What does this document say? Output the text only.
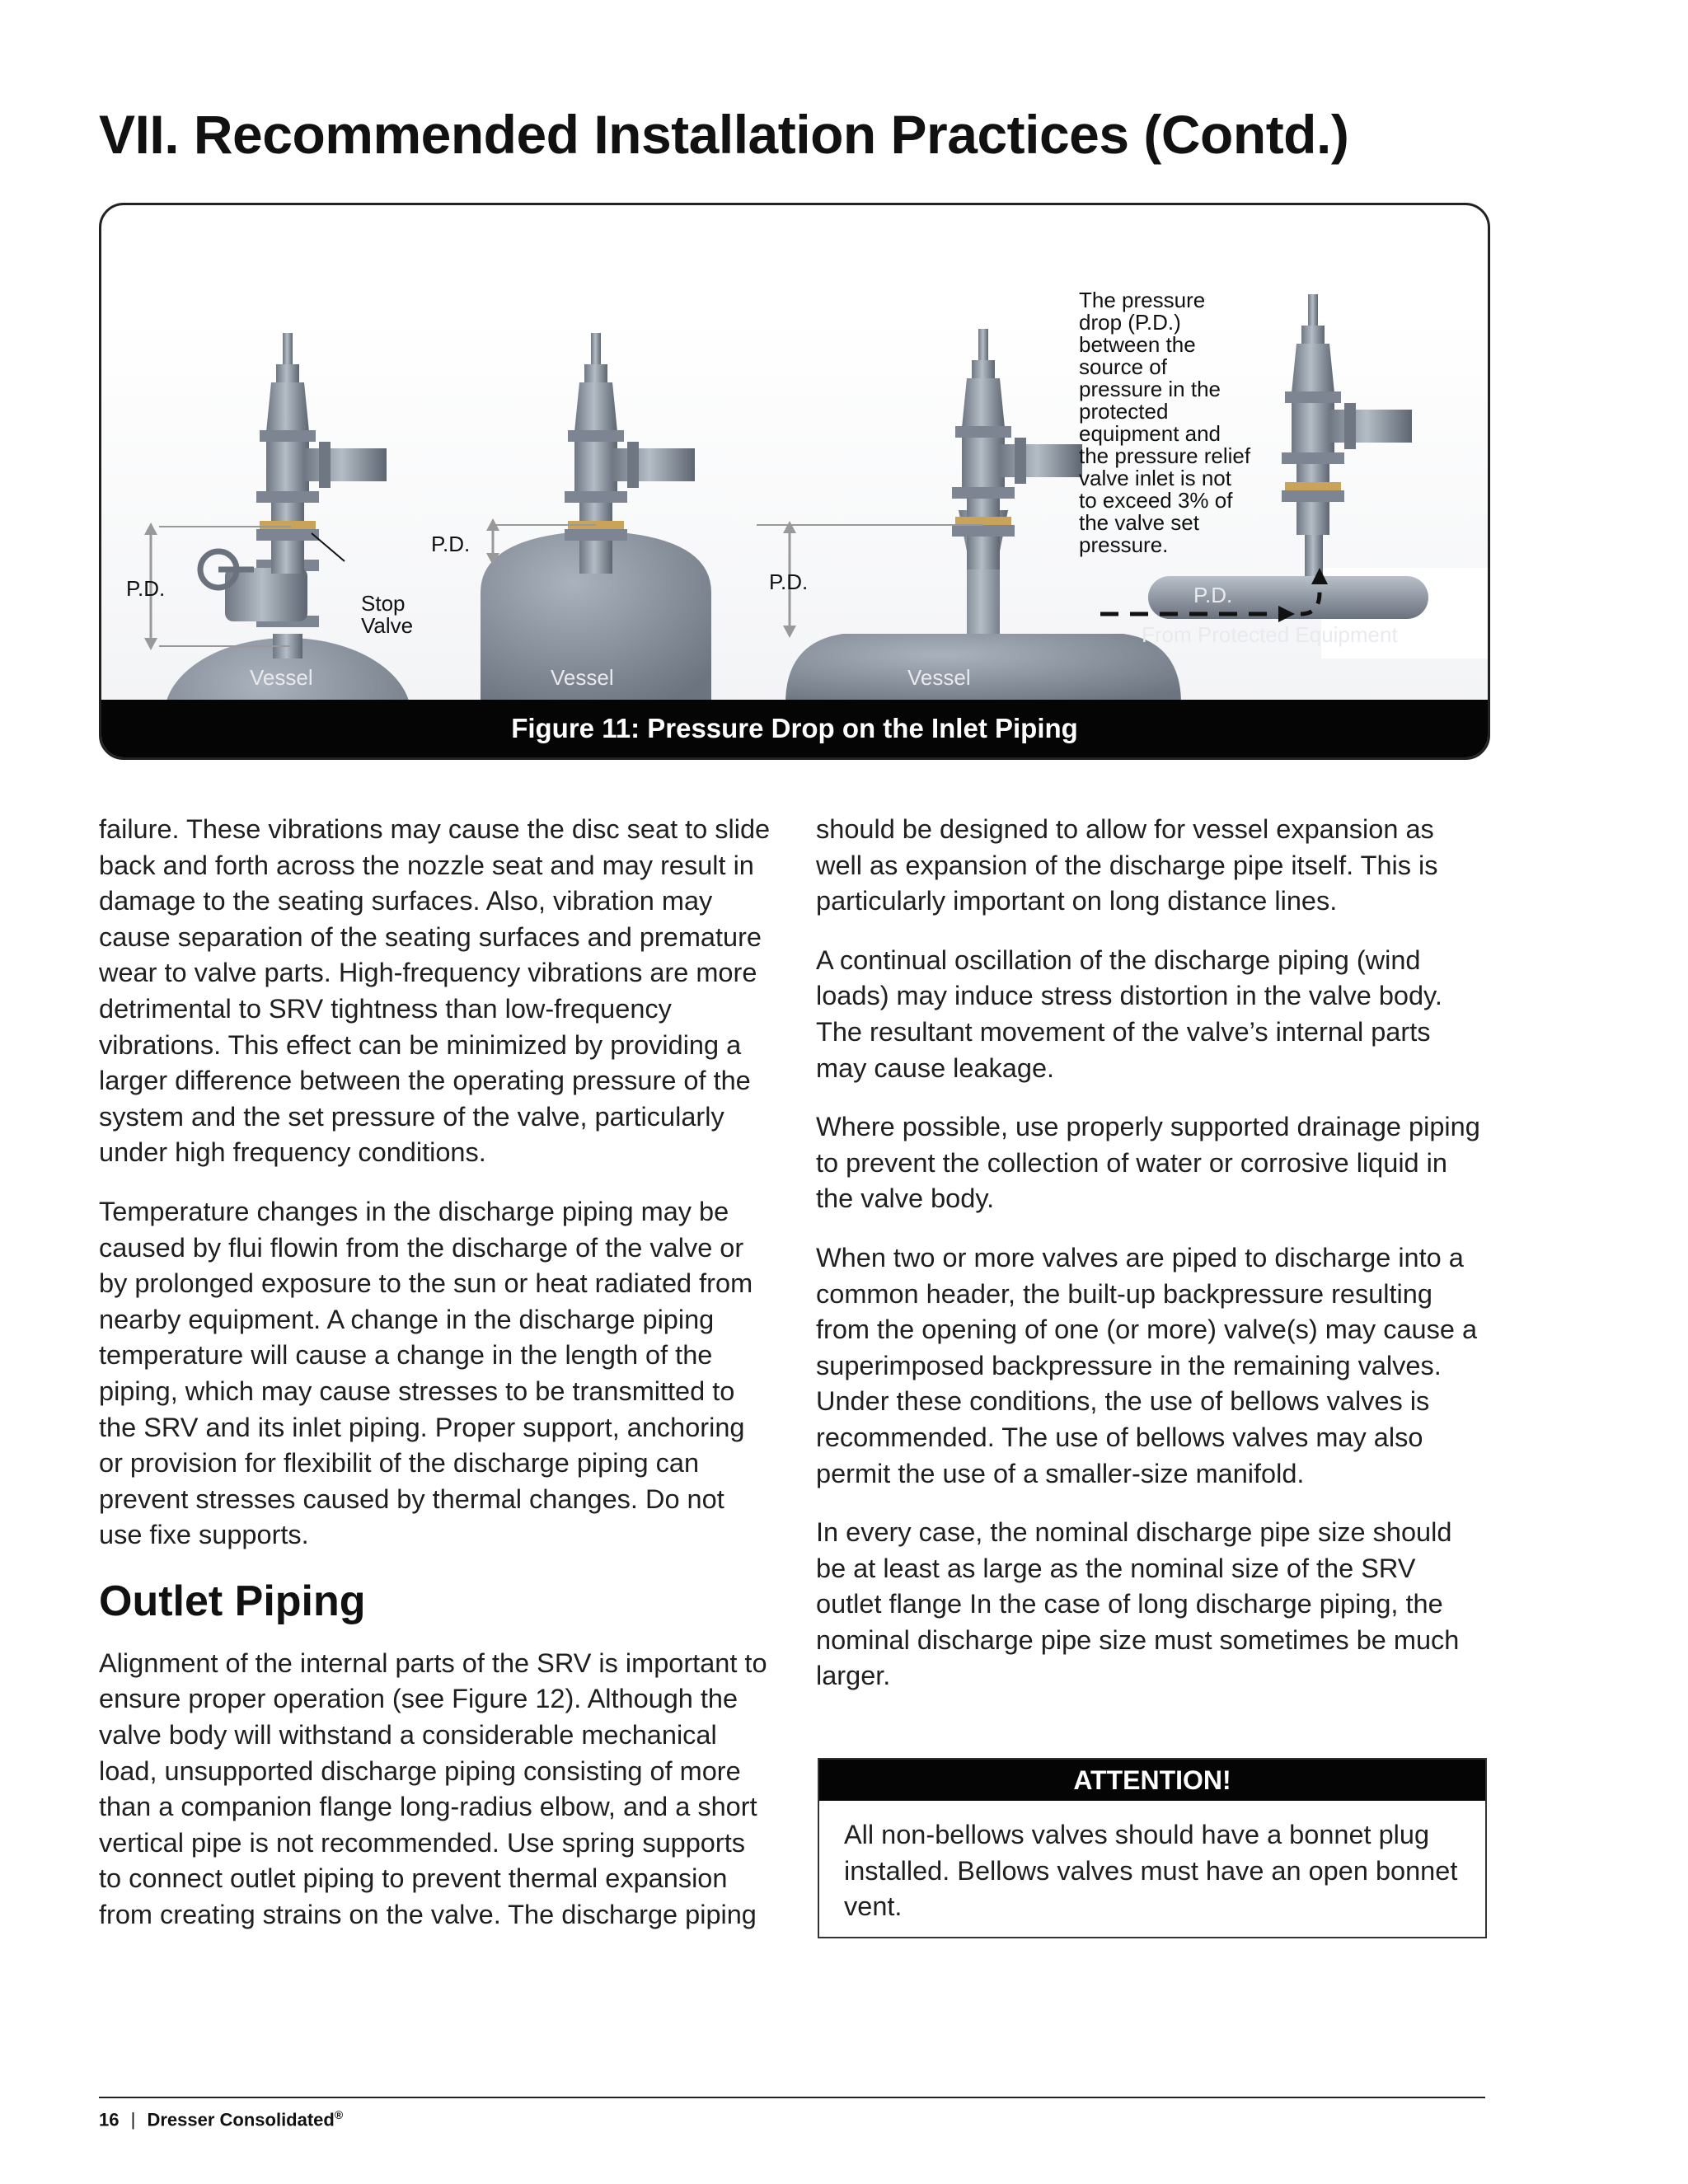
VII. Recommended Installation Practices (Contd.)
P.D.
P.D.
P.D.
P.D.
Stop
Valve
Vessel	Vessel	Vessel
From Protected Equipment
The pressure
drop (P.D.)
between the
source of
pressure in the
protected
equipment and
the pressure relief
valve inlet is not
to exceed 3% of
the valve set
pressure.
Figure 11: Pressure Drop on the Inlet Piping

failure. These vibrations may cause the disc seat to slide back and forth across the nozzle seat and may result in damage to the seating surfaces. Also, vibration may cause separation of the seating surfaces and premature wear to valve parts. High-frequency vibrations are more detrimental to SRV tightness than low-frequency vibrations. This effect can be minimized by providing a larger difference between the operating pressure of the system and the set pressure of the valve, particularly under high frequency conditions.

Temperature changes in the discharge piping may be caused by flui flowin from the discharge of the valve or by prolonged exposure to the sun or heat radiated from nearby equipment. A change in the discharge piping temperature will cause a change in the length of the piping, which may cause stresses to be transmitted to the SRV and its inlet piping. Proper support, anchoring or provision for flexibilit of the discharge piping can prevent stresses caused by thermal changes. Do not use fixe supports.

Outlet Piping

Alignment of the internal parts of the SRV is important to ensure proper operation (see Figure 12). Although the valve body will withstand a considerable mechanical load, unsupported discharge piping consisting of more than a companion flange long-radius elbow, and a short vertical pipe is not recommended. Use spring supports to connect outlet piping to prevent thermal expansion from creating strains on the valve. The discharge piping

should be designed to allow for vessel expansion as well as expansion of the discharge pipe itself. This is particularly important on long distance lines.

A continual oscillation of the discharge piping (wind loads) may induce stress distortion in the valve body. The resultant movement of the valve’s internal parts may cause leakage.

Where possible, use properly supported drainage piping to prevent the collection of water or corrosive liquid in the valve body.

When two or more valves are piped to discharge into a common header, the built-up backpressure resulting from the opening of one (or more) valve(s) may cause a superimposed backpressure in the remaining valves. Under these conditions, the use of bellows valves is recommended. The use of bellows valves may also permit the use of a smaller-size manifold.

In every case, the nominal discharge pipe size should be at least as large as the nominal size of the SRV outlet flange In the case of long discharge piping, the nominal discharge pipe size must sometimes be much larger.

ATTENTION!
All non-bellows valves should have a bonnet plug installed. Bellows valves must have an open bonnet vent.
16 | Dresser Consolidated®
